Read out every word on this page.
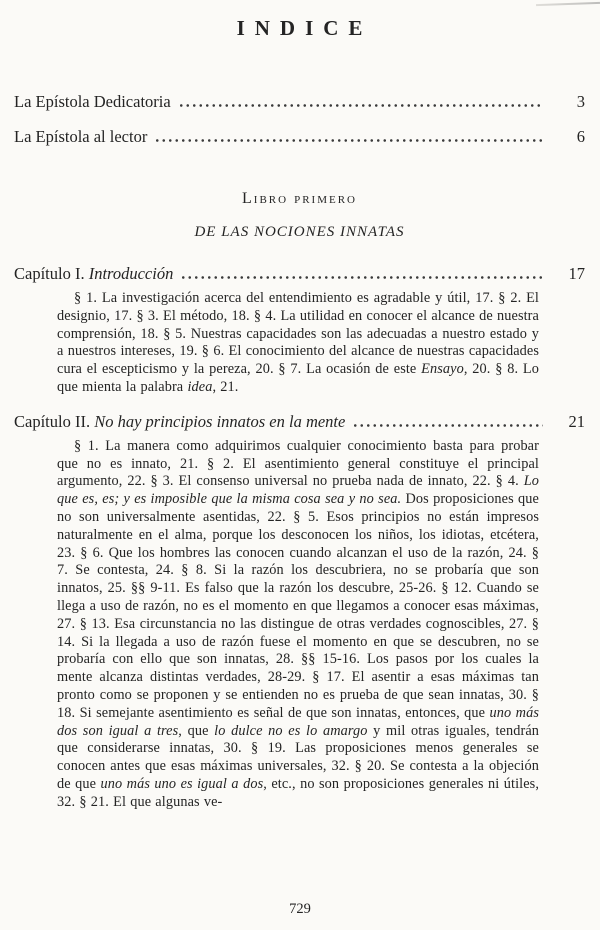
INDICE
La Epístola Dedicatoria	3
La Epístola al lector	6
Libro primero
DE LAS NOCIONES INNATAS
Capítulo I. Introducción	17

§ 1. La investigación acerca del entendimiento es agradable y útil, 17. § 2. El designio, 17. § 3. El método, 18. § 4. La utilidad en conocer el alcance de nuestra comprensión, 18. § 5. Nuestras capacidades son las adecuadas a nuestro estado y a nuestros intereses, 19. § 6. El conocimiento del alcance de nuestras capacidades cura el escepticismo y la pereza, 20. § 7. La ocasión de este Ensayo, 20. § 8. Lo que mienta la palabra idea, 21.

Capítulo II. No hay principios innatos en la mente	21

§ 1. La manera como adquirimos cualquier conocimiento basta para probar que no es innato, 21. § 2. El asentimiento general constituye el principal argumento, 22. § 3. El consenso universal no prueba nada de innato, 22. § 4. Lo que es, es; y es imposible que la misma cosa sea y no sea. Dos proposiciones que no son universalmente asentidas, 22. § 5. Esos principios no están impresos naturalmente en el alma, porque los desconocen los niños, los idiotas, etcétera, 23. § 6. Que los hombres las conocen cuando alcanzan el uso de la razón, 24. § 7. Se contesta, 24. § 8. Si la razón los descubriera, no se probaría que son innatos, 25. §§ 9-11. Es falso que la razón los descubre, 25-26. § 12. Cuando se llega a uso de razón, no es el momento en que llegamos a conocer esas máximas, 27. § 13. Esa circunstancia no las distingue de otras verdades cognoscibles, 27. § 14. Si la llegada a uso de razón fuese el momento en que se descubren, no se probaría con ello que son innatas, 28. §§ 15-16. Los pasos por los cuales la mente alcanza distintas verdades, 28-29. § 17. El asentir a esas máximas tan pronto como se proponen y se entienden no es prueba de que sean innatas, 30. § 18. Si semejante asentimiento es señal de que son innatas, entonces, que uno más dos son igual a tres, que lo dulce no es lo amargo y mil otras iguales, tendrán que considerarse innatas, 30. § 19. Las proposiciones menos generales se conocen antes que esas máximas universales, 32. § 20. Se contesta a la objeción de que uno más uno es igual a dos, etc., no son proposiciones generales ni útiles, 32. § 21. El que algunas ve-

729
